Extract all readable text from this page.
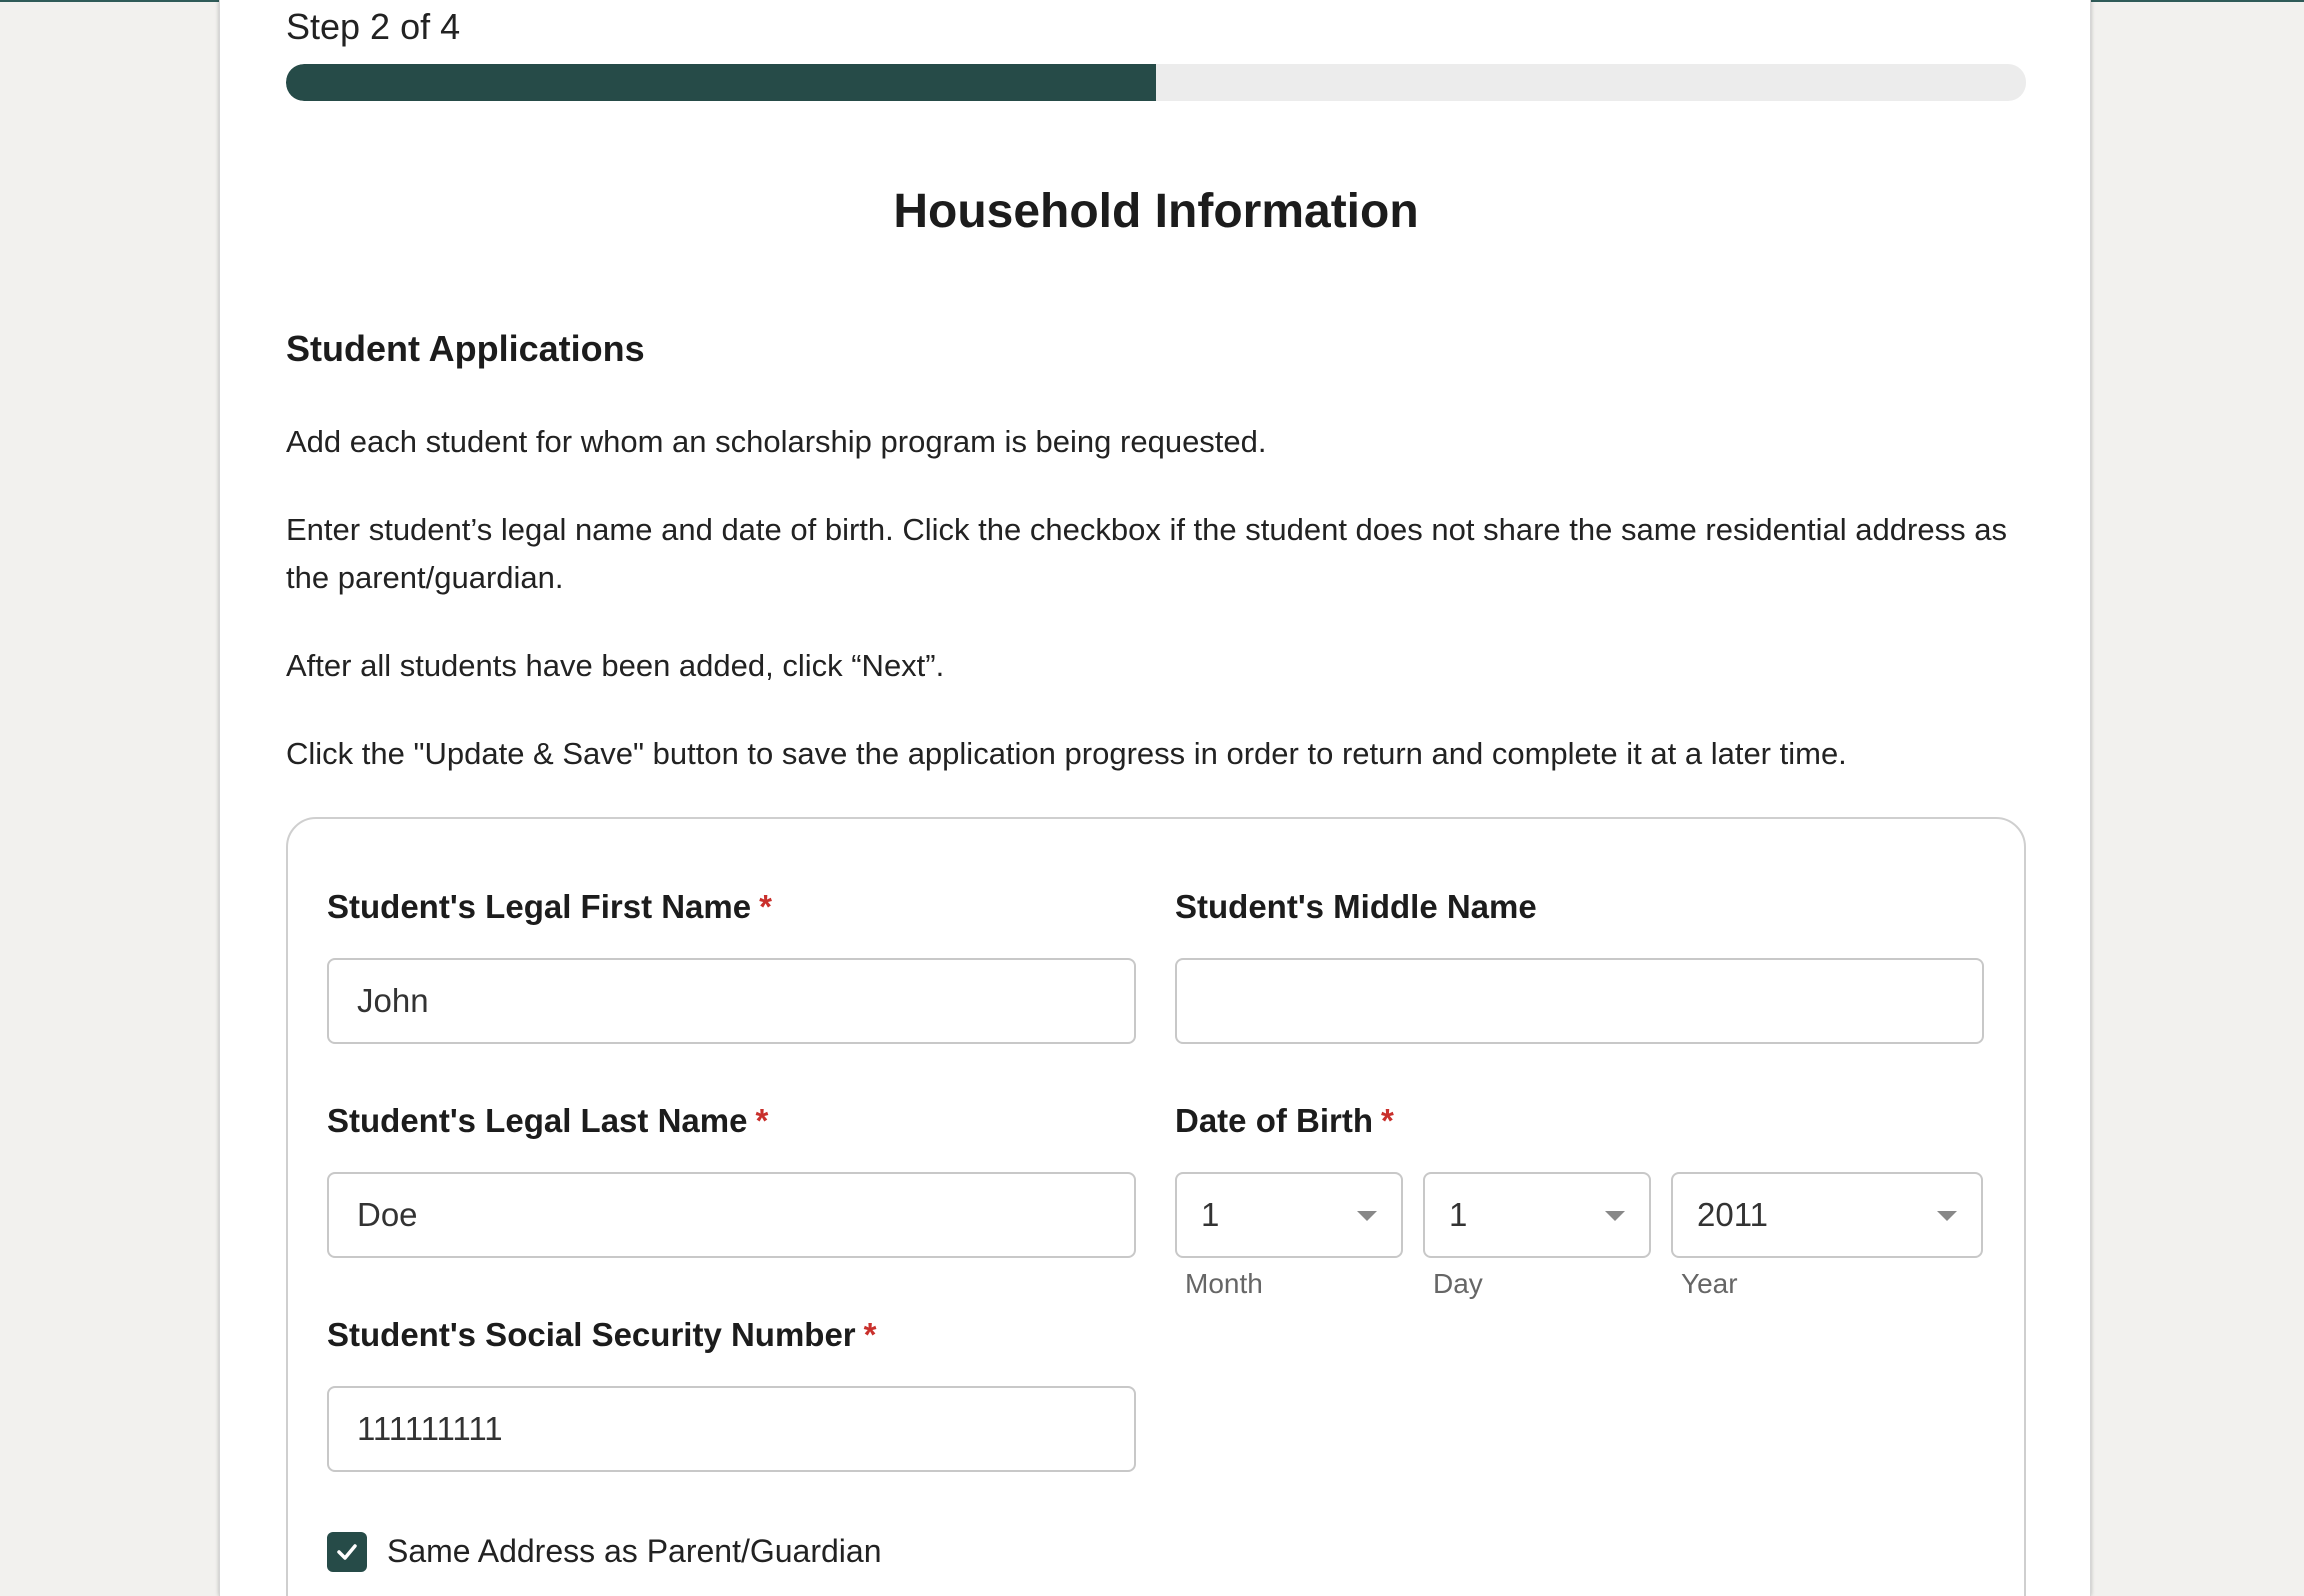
Step 2 of 4
Household Information
Student Applications

Add each student for whom an scholarship program is being requested.

Enter student’s legal name and date of birth. Click the checkbox if the student does not share the same residential address as the parent/guardian.

After all students have been added, click “Next”.

Click the "Update & Save" button to save the application progress in order to return and complete it at a later time.

Student's Legal First Name *
John	Student's Middle Name
Student's Legal Last Name *
Doe	Date of Birth *
1
Month
1
Day
2011
Year
Student's Social Security Number *
111111111
Same Address as Parent/Guardian
